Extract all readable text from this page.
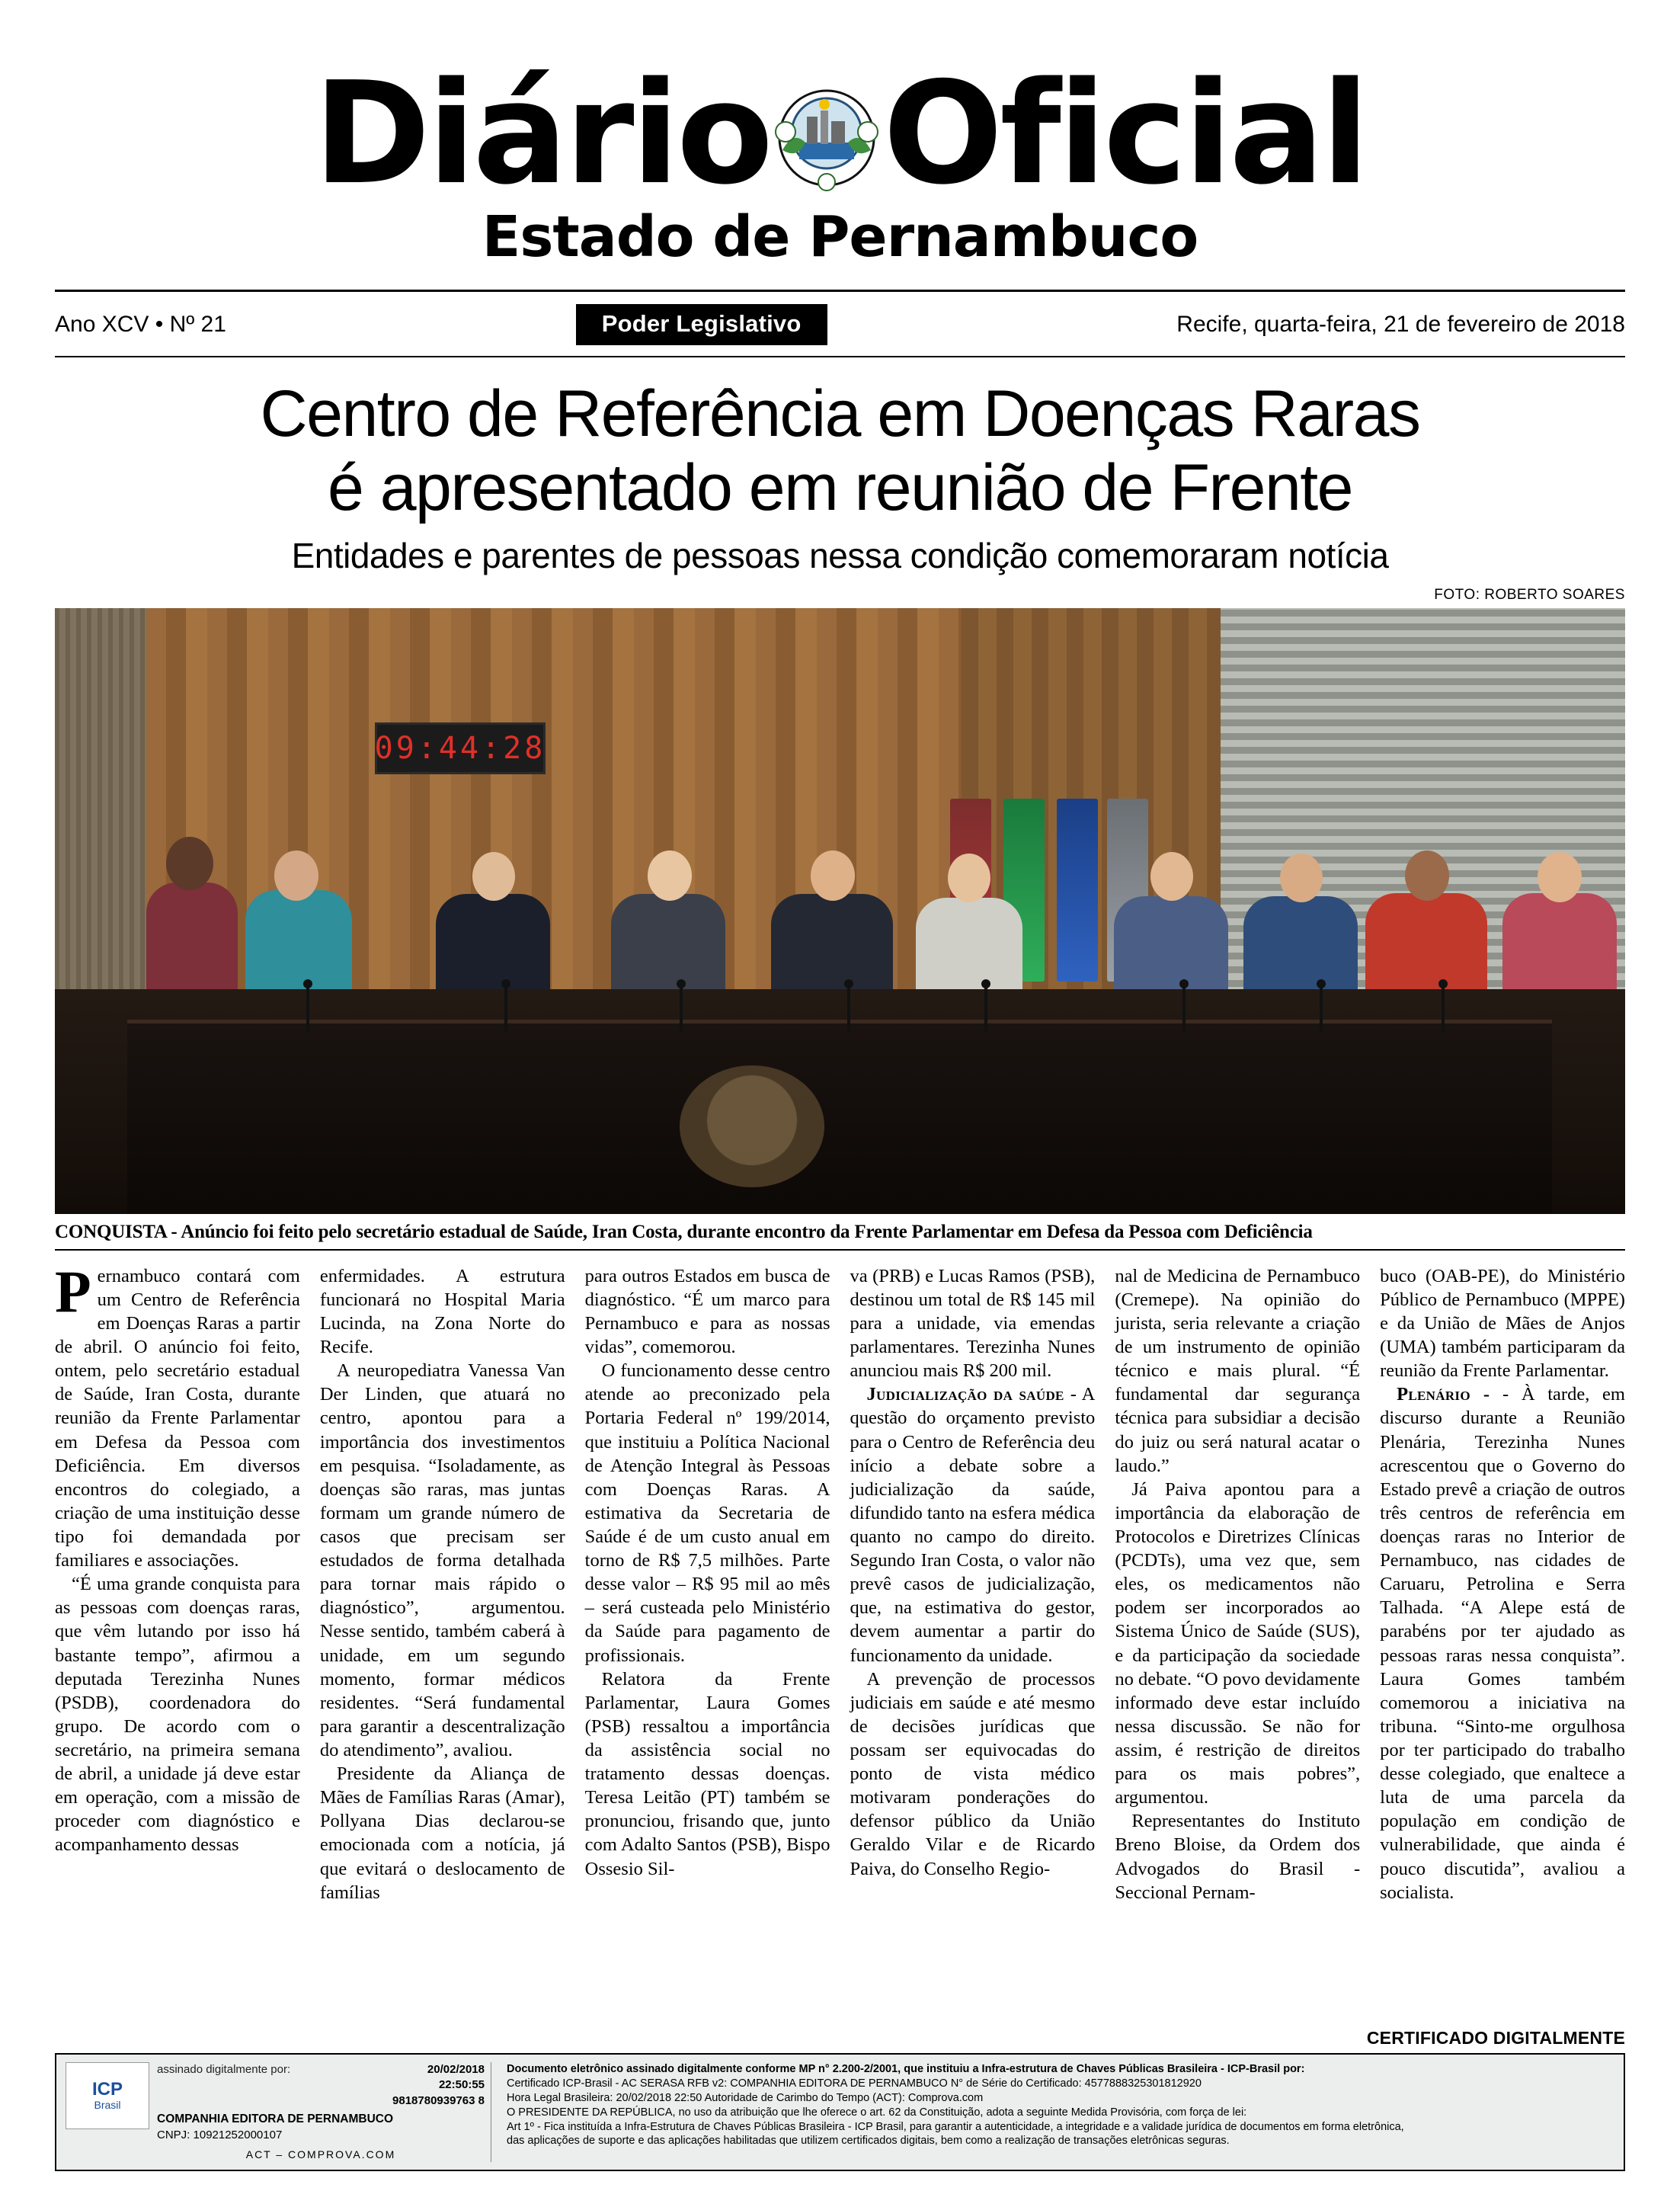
Diário Oficial
Estado de Pernambuco
Ano XCV • Nº 21	Poder Legislativo	Recife, quarta-feira, 21 de fevereiro de 2018
Centro de Referência em Doenças Raras
é apresentado em reunião de Frente
Entidades e parentes de pessoas nessa condição comemoraram notícia
FOTO: ROBERTO SOARES
09:44:28
CONQUISTA - Anúncio foi feito pelo secretário estadual de Saúde, Iran Costa, durante encontro da Frente Parlamentar em Defesa da Pessoa com Deficiência

Pernambuco contará com um Centro de Referência em Doenças Raras a partir de abril. O anúncio foi feito, ontem, pelo secretário estadual de Saúde, Iran Costa, durante reunião da Frente Parlamentar em Defesa da Pessoa com Deficiência. Em diversos encontros do colegiado, a criação de uma instituição desse tipo foi demandada por familiares e associações.

“É uma grande conquista para as pessoas com doenças raras, que vêm lutando por isso há bastante tempo”, afirmou a deputada Terezinha Nunes (PSDB), coordenadora do grupo. De acordo com o secretário, na primeira semana de abril, a unidade já deve estar em operação, com a missão de proceder com diagnóstico e acompanhamento dessas

enfermidades. A estrutura funcionará no Hospital Maria Lucinda, na Zona Norte do Recife.

A neuropediatra Vanessa Van Der Linden, que atuará no centro, apontou para a importância dos investimentos em pesquisa. “Isoladamente, as doenças são raras, mas juntas formam um grande número de casos que precisam ser estudados de forma detalhada para tornar mais rápido o diagnóstico”, argumentou. Nesse sentido, também caberá à unidade, em um segundo momento, formar médicos residentes. “Será fundamental para garantir a descentralização do atendimento”, avaliou.

Presidente da Aliança de Mães de Famílias Raras (Amar), Pollyana Dias declarou-se emocionada com a notícia, já que evitará o deslocamento de famílias

para outros Estados em busca de diagnóstico. “É um marco para Pernambuco e para as nossas vidas”, comemorou.

O funcionamento desse centro atende ao preconizado pela Portaria Federal nº 199/2014, que instituiu a Política Nacional de Atenção Integral às Pessoas com Doenças Raras. A estimativa da Secretaria de Saúde é de um custo anual em torno de R$ 7,5 milhões. Parte desse valor – R$ 95 mil ao mês – será custeada pelo Ministério da Saúde para pagamento de profissionais.

Relatora da Frente Parlamentar, Laura Gomes (PSB) ressaltou a importância da assistência social no tratamento dessas doenças. Teresa Leitão (PT) também se pronunciou, frisando que, junto com Adalto Santos (PSB), Bispo Ossesio Sil-

va (PRB) e Lucas Ramos (PSB), destinou um total de R$ 145 mil para a unidade, via emendas parlamentares. Terezinha Nunes anunciou mais R$ 200 mil.

Judicialização da saúde - A questão do orçamento previsto para o Centro de Referência deu início a debate sobre a judicialização da saúde, difundido tanto na esfera médica quanto no campo do direito. Segundo Iran Costa, o valor não prevê casos de judicialização, que, na estimativa do gestor, devem aumentar a partir do funcionamento da unidade.

A prevenção de processos judiciais em saúde e até mesmo de decisões jurídicas que possam ser equivocadas do ponto de vista médico motivaram ponderações do defensor público da União Geraldo Vilar e de Ricardo Paiva, do Conselho Regio-

nal de Medicina de Pernambuco (Cremepe). Na opinião do jurista, seria relevante a criação de um instrumento de opinião técnico e mais plural. “É fundamental dar segurança técnica para subsidiar a decisão do juiz ou será natural acatar o laudo.”

Já Paiva apontou para a importância da elaboração de Protocolos e Diretrizes Clínicas (PCDTs), uma vez que, sem eles, os medicamentos não podem ser incorporados ao Sistema Único de Saúde (SUS), e da participação da sociedade no debate. “O povo devidamente informado deve estar incluído nessa discussão. Se não for assim, é restrição de direitos para os mais pobres”, argumentou.

Representantes do Instituto Breno Bloise, da Ordem dos Advogados do Brasil - Seccional Pernam-

buco (OAB-PE), do Ministério Público de Pernambuco (MPPE) e da União de Mães de Anjos (UMA) também participaram da reunião da Frente Parlamentar.

Plenário - - À tarde, em discurso durante a Reunião Plenária, Terezinha Nunes acrescentou que o Governo do Estado prevê a criação de outros três centros de referência em doenças raras no Interior de Pernambuco, nas cidades de Caruaru, Petrolina e Serra Talhada. “A Alepe está de parabéns por ter ajudado as pessoas raras nessa conquista”. Laura Gomes também comemorou a iniciativa na tribuna. “Sinto-me orgulhosa por ter participado do trabalho desse colegiado, que enaltece a luta de uma parcela da população em condição de vulnerabilidade, que ainda é pouco discutida”, avaliou a socialista.

CERTIFICADO DIGITALMENTE
ICP
Brasil
assinado digitalmente por:	20/02/2018
22:50:55
9818780939763 8
COMPANHIA EDITORA DE PERNAMBUCO
CNPJ: 10921252000107
ACT – COMPROVA.COM
Documento eletrônico assinado digitalmente conforme MP n° 2.200-2/2001, que instituiu a Infra-estrutura de Chaves Públicas Brasileira - ICP-Brasil por:
Certificado ICP-Brasil - AC SERASA RFB v2: COMPANHIA EDITORA DE PERNAMBUCO N° de Série do Certificado: 4577888325301812920
Hora Legal Brasileira: 20/02/2018 22:50 Autoridade de Carimbo do Tempo (ACT): Comprova.com
O PRESIDENTE DA REPÚBLICA, no uso da atribuição que lhe oferece o art. 62 da Constituição, adota a seguinte Medida Provisória, com força de lei:
Art 1º - Fica instituída a Infra-Estrutura de Chaves Públicas Brasileira - ICP Brasil, para garantir a autenticidade, a integridade e a validade jurídica de documentos em forma eletrônica,
das aplicações de suporte e das aplicações habilitadas que utilizem certificados digitais, bem como a realização de transações eletrônicas seguras.
